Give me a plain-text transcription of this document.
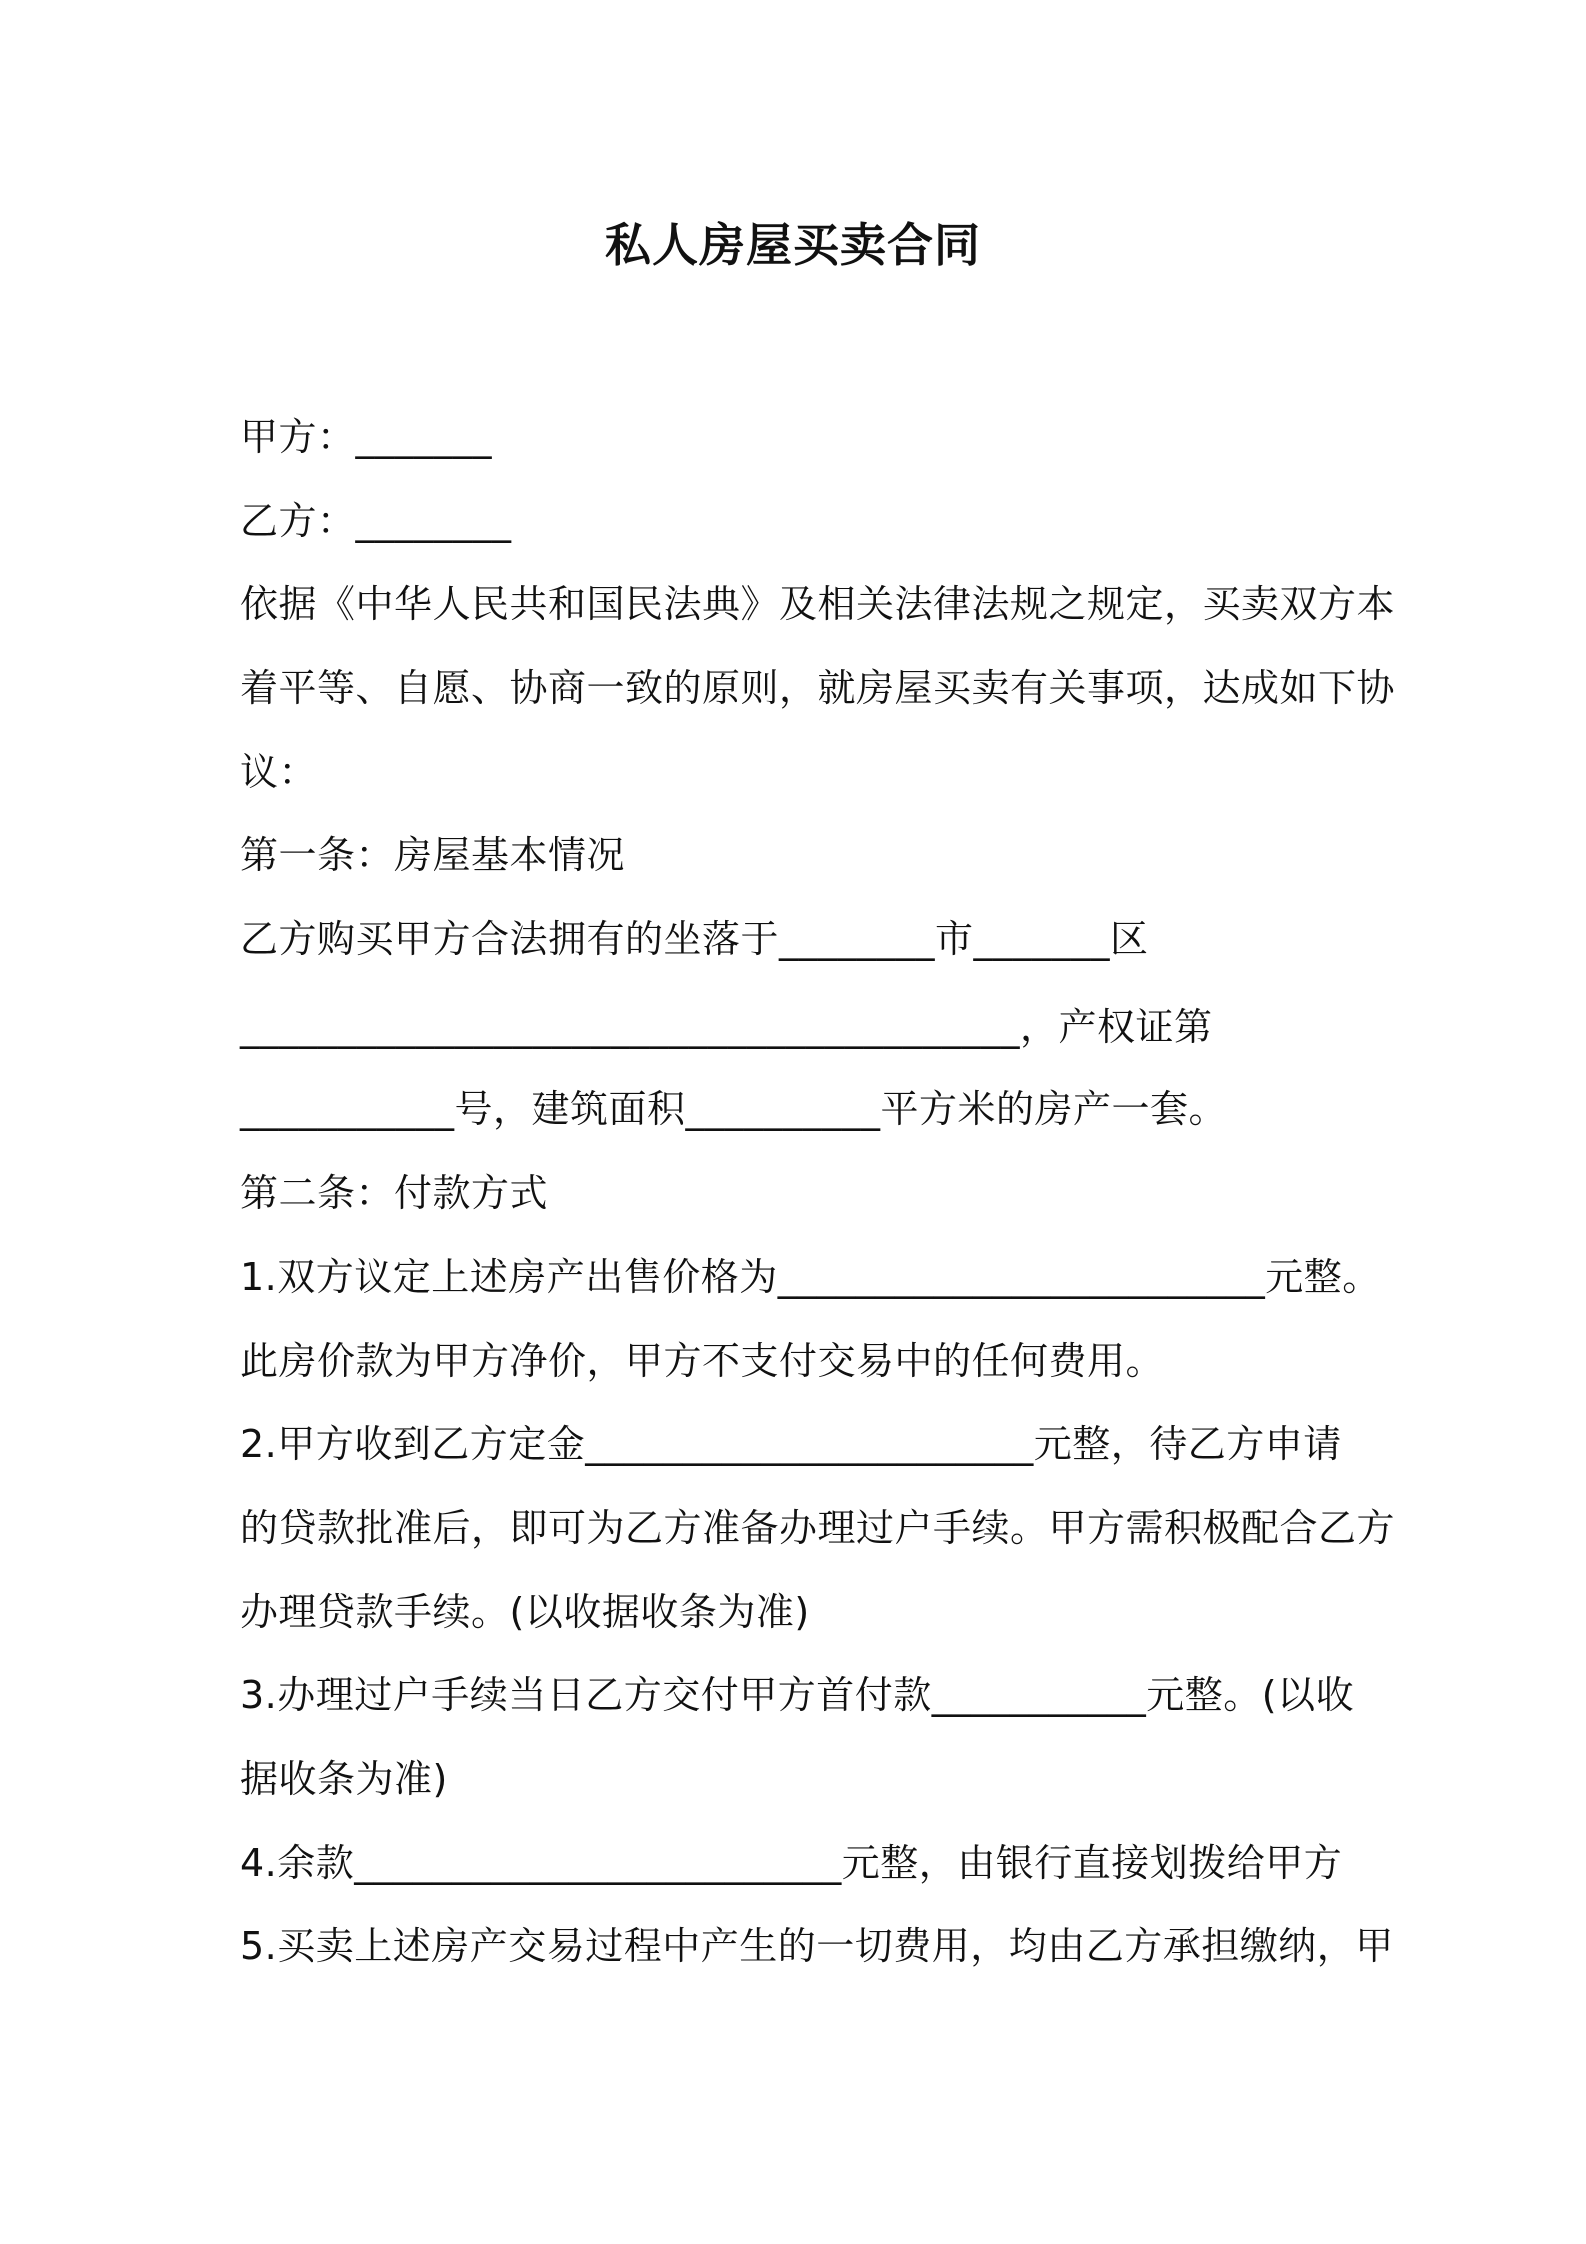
私人房屋买卖合同
甲方：_______
乙方：________
依据《中华人民共和国民法典》及相关法律法规之规定，买卖双方本
着平等、自愿、协商一致的原则，就房屋买卖有关事项，达成如下协
议：
第一条：房屋基本情况
乙方购买甲方合法拥有的坐落于________市_______区
________________________________________，产权证第
___________号，建筑面积__________平方米的房产一套。
第二条：付款方式
1.双方议定上述房产出售价格为_________________________元整。
此房价款为甲方净价，甲方不支付交易中的任何费用。
2.甲方收到乙方定金_______________________元整，待乙方申请
的贷款批准后，即可为乙方准备办理过户手续。甲方需积极配合乙方
办理贷款手续。(以收据收条为准)
3.办理过户手续当日乙方交付甲方首付款___________元整。(以收
据收条为准)
4.余款_________________________元整，由银行直接划拨给甲方
5.买卖上述房产交易过程中产生的一切费用，均由乙方承担缴纳，甲
